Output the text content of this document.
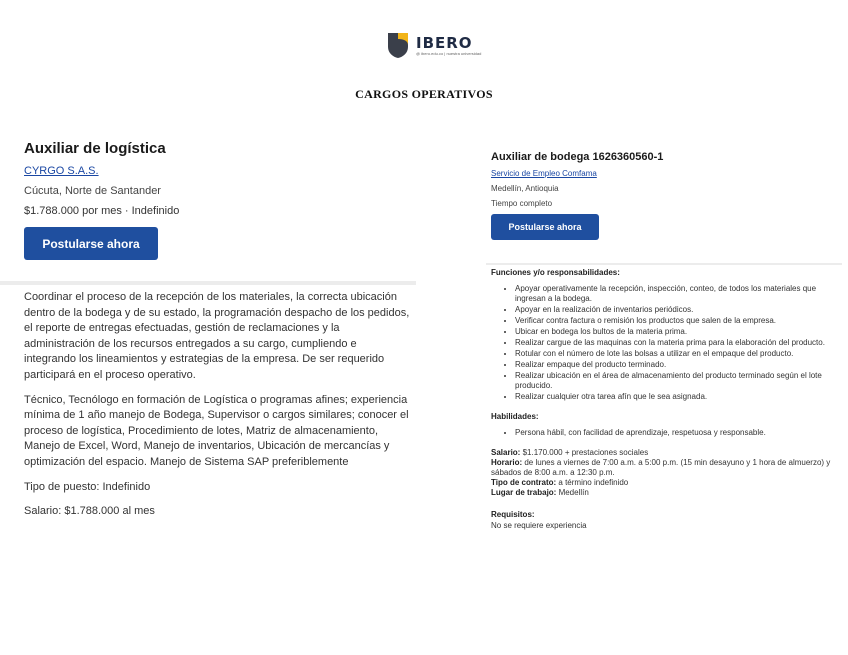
IBERO
@ ibero.edu.co | nuestra universidad
CARGOS OPERATIVOS
Auxiliar de logística
CYRGO S.A.S.
Cúcuta, Norte de Santander
$1.788.000 por mes · Indefinido
Postularse ahora

Coordinar el proceso de la recepción de los materiales, la correcta ubicación dentro de la bodega y de su estado, la programación despacho de los pedidos, el reporte de entregas efectuadas, gestión de reclamaciones y la administración de los recursos entregados a su cargo, cumpliendo e integrando los lineamientos y estrategias de la empresa. De ser requerido participará en el proceso operativo.

Técnico, Tecnólogo en formación de Logística o programas afines; experiencia mínima de 1 año manejo de Bodega, Supervisor o cargos similares; conocer el proceso de logística, Procedimiento de lotes, Matriz de almacenamiento, Manejo de Excel, Word, Manejo de inventarios, Ubicación de mercancías y optimización del espacio. Manejo de Sistema SAP preferiblemente

Tipo de puesto: Indefinido

Salario: $1.788.000 al mes

Auxiliar de bodega 1626360560-1
Servicio de Empleo Comfama
Medellín, Antioquia
Tiempo completo
Postularse ahora
Funciones y/o responsabilidades:
• Apoyar operativamente la recepción, inspección, conteo, de todos los materiales que ingresan a la bodega.
• Apoyar en la realización de inventarios periódicos.
• Verificar contra factura o remisión los productos que salen de la empresa.
• Ubicar en bodega los bultos de la materia prima.
• Realizar cargue de las maquinas con la materia prima para la elaboración del producto.
• Rotular con el número de lote las bolsas a utilizar en el empaque del producto.
• Realizar empaque del producto terminado.
• Realizar ubicación en el área de almacenamiento del producto terminado según el lote producido.
• Realizar cualquier otra tarea afín que le sea asignada.
Habilidades:
• Persona hábil, con facilidad de aprendizaje, respetuosa y responsable.
Salario: $1.170.000 + prestaciones sociales
Horario: de lunes a viernes de 7:00 a.m. a 5:00 p.m. (15 min desayuno y 1 hora de almuerzo) y sábados de 8:00 a.m. a 12:30 p.m.
Tipo de contrato: a término indefinido
Lugar de trabajo: Medellín
Requisitos:
No se requiere experiencia
